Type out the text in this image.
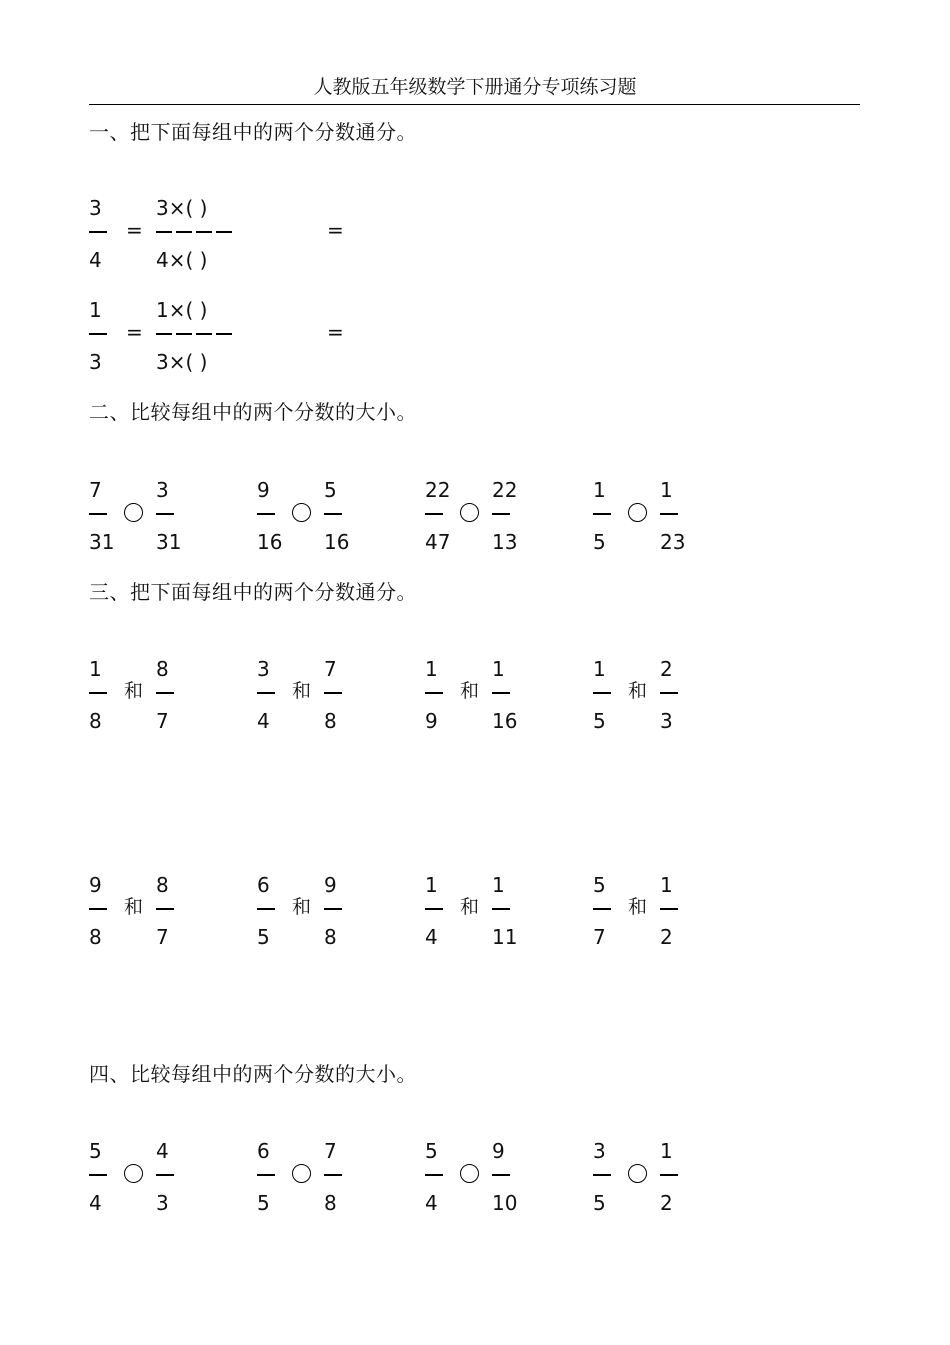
人教版五年级数学下册通分专项练习题
一、把下面每组中的两个分数通分。
3
4
=
3×( )
4×( )
=
1
3
=
1×( )
3×( )
=
二、比较每组中的两个分数的大小。
7
31
3
31
9
16
5
16
22
47
22
13
1
5
1
23
三、把下面每组中的两个分数通分。
1
8
和
8
7
3
4
和
7
8
1
9
和
1
16
1
5
和
2
3
9
8
和
8
7
6
5
和
9
8
1
4
和
1
11
5
7
和
1
2
四、比较每组中的两个分数的大小。
5
4
4
3
6
5
7
8
5
4
9
10
3
5
1
2
